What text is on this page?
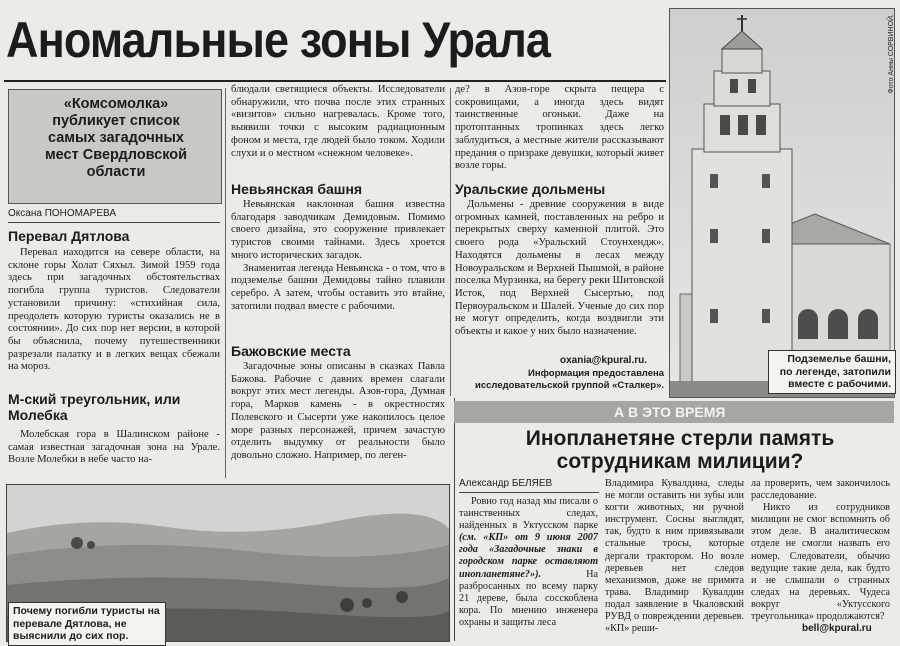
Аномальные зоны Урала
«Комсомолка» публикует список самых загадочных мест Свердловской области
Оксана ПОНОМАРЕВА
Перевал Дятлова

Перевал находится на севере области, на склоне горы Холат Сяхыл. Зимой 1959 года здесь при загадочных обстоятельствах погибла группа туристов. Следователи установили причину: «стихийная сила, преодолеть которую туристы оказались не в состоянии». До сих пор нет версии, в которой бы объяснила, почему путешественники разрезали палатку и в легких вещах сбежали на мороз.

М-ский треугольник, или Молебка

Молебская гора в Шалинском районе - самая известная загадочная зона на Урале. Возле Молебки в небе часто на-

блюдали светящиеся объекты. Исследователи обнаружили, что почва после этих странных «визитов» сильно нагревалась. Кроме того, выявили точки с высоким радиационным фоном и места, где людей было током. Ходили слухи и о местном «снежном человеке».

Невьянская башня

Невьянская наклонная башня известна благодаря заводчикам Демидовым. Помимо своего дизайна, это сооружение привлекает туристов своими тайнами. Здесь хроется много исторических загадок.

Знаменитая легенда Невьянска - о том, что в подземелье башни Демидовы тайно плавили серебро. А затем, чтобы оставить это втайне, затопили подвал вместе с рабочими.

Бажовские места

Загадочные зоны описаны в сказках Павла Бажова. Рабочие с давних времен слагали вокруг этих мест легенды. Азов-гора, Думная гора, Марков камень - в окрестностях Полевского и Сысерти уже накопилось целое море разных персонажей, причем зачастую отделить выдумку от реальности было довольно сложно. Например, по леген-

де? в Азов-горе скрыта пещера с сокровищами, а иногда здесь видят таинственные огоньки. Даже на протоптанных тропинках здесь легко заблудиться, а местные жители рассказывают предания о призраке девушки, который живет возле горы.

Уральские дольмены

Дольмены - древние сооружения в виде огромных камней, поставленных на ребро и перекрытых сверху каменной плитой. Это своего рода «Уральский Стоунхендж». Находятся дольмены в лесах между Новоуральском и Верхней Пышмой, в районе поселка Мурзинка, на берегу реки Шитовской Исток, под Верхней Сысертью, под Первоуральском и Шалей. Ученые до сих пор не могут определить, когда воздвигли эти объекты и какое у них было назначение.

oxania@kpural.ru.
Информация предоставлена исследовательской группой «Сталкер».
Фото Анны СОРВИНОЙ.
Подземелье башни, по легенде, затопили вместе с рабочими.
А В ЭТО ВРЕМЯ
Инопланетяне стерли память сотрудникам милиции?
Александр БЕЛЯЕВ

Ровно год назад мы писали о таинственных следах, найденных в Уктусском парке (см. «КП» от 9 июня 2007 года «Загадочные знаки в городском парке оставляют инопланетяне?»). На разбросанных по всему парку 21 дереве, была сосскоблена кора. По мнению инженера охраны и защиты леса

Владимира Кувалдина, следы не могли оставить ни зубы или когти животных, ни ручной инструмент. Сосны выглядят, так, будто к ним привязывали стальные тросы, которые дергали трактором. Но возле деревьев нет следов механизмов, даже не примята трава. Владимир Кувалдин подал заявление в Чкаловский РУВД о повреждении деревьев. «КП» реши-

ла проверить, чем закончилось расследование.

Никто из сотрудников милиции не смог вспомнить об этом деле. В аналитическом отделе не смогли назвать его номер. Следователи, обычно ведущие такие дела, как будто и не слышали о странных следах на деревьях. Чудеса вокруг «Уктусского треугольника» продолжаются?

bell@kpural.ru
Почему погибли туристы на перевале Дятлова, не выяснили до сих пор.
